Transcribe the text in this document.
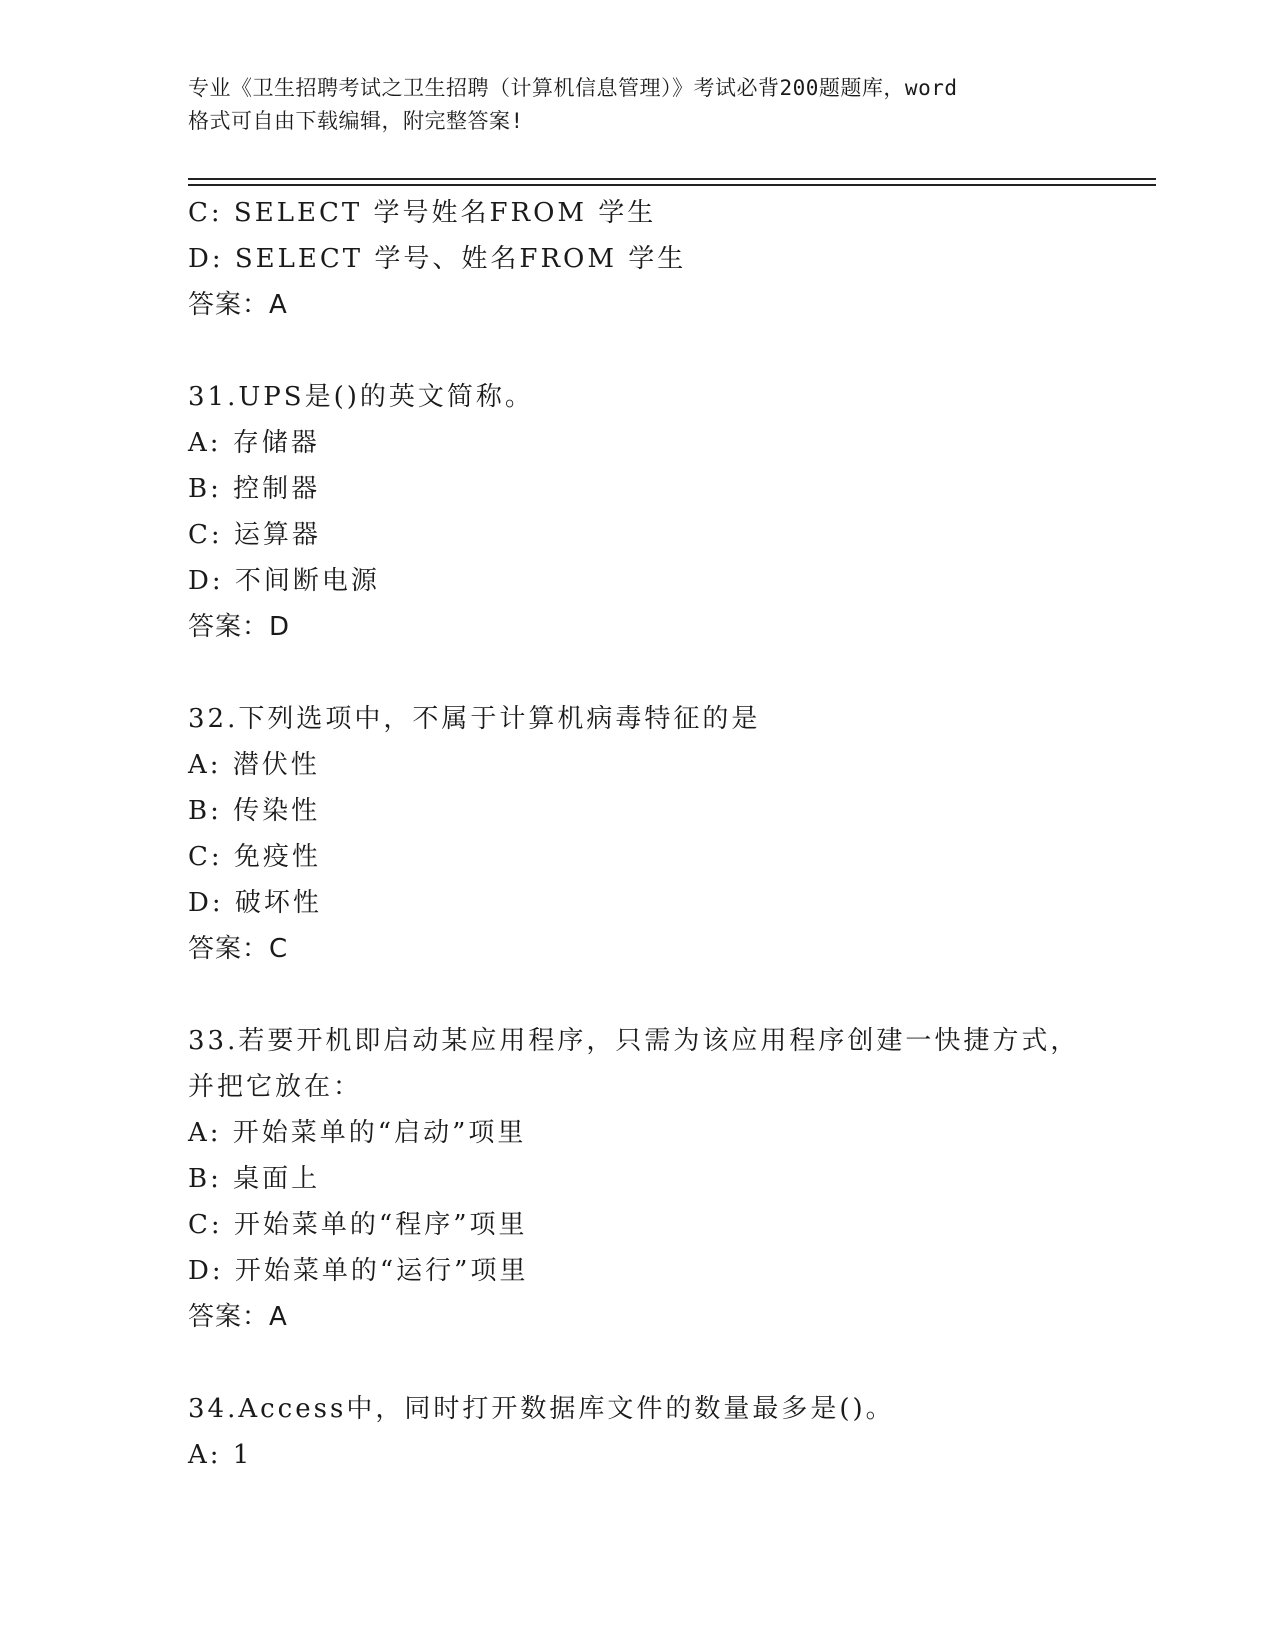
专业《卫生招聘考试之卫生招聘（计算机信息管理）》考试必背200题题库，word
格式可自由下载编辑，附完整答案!
C: SELECT 学号姓名FROM 学生
D: SELECT 学号、姓名FROM 学生
答案：A
31.UPS是()的英文简称。
A: 存储器
B: 控制器
C: 运算器
D: 不间断电源
答案：D
32.下列选项中，不属于计算机病毒特征的是
A: 潜伏性
B: 传染性
C: 免疫性
D: 破坏性
答案：C
33.若要开机即启动某应用程序，只需为该应用程序创建一快捷方式，
并把它放在：
A: 开始菜单的“启动”项里
B: 桌面上
C: 开始菜单的“程序”项里
D: 开始菜单的“运行”项里
答案：A
34.Access中，同时打开数据库文件的数量最多是()。
A: 1
